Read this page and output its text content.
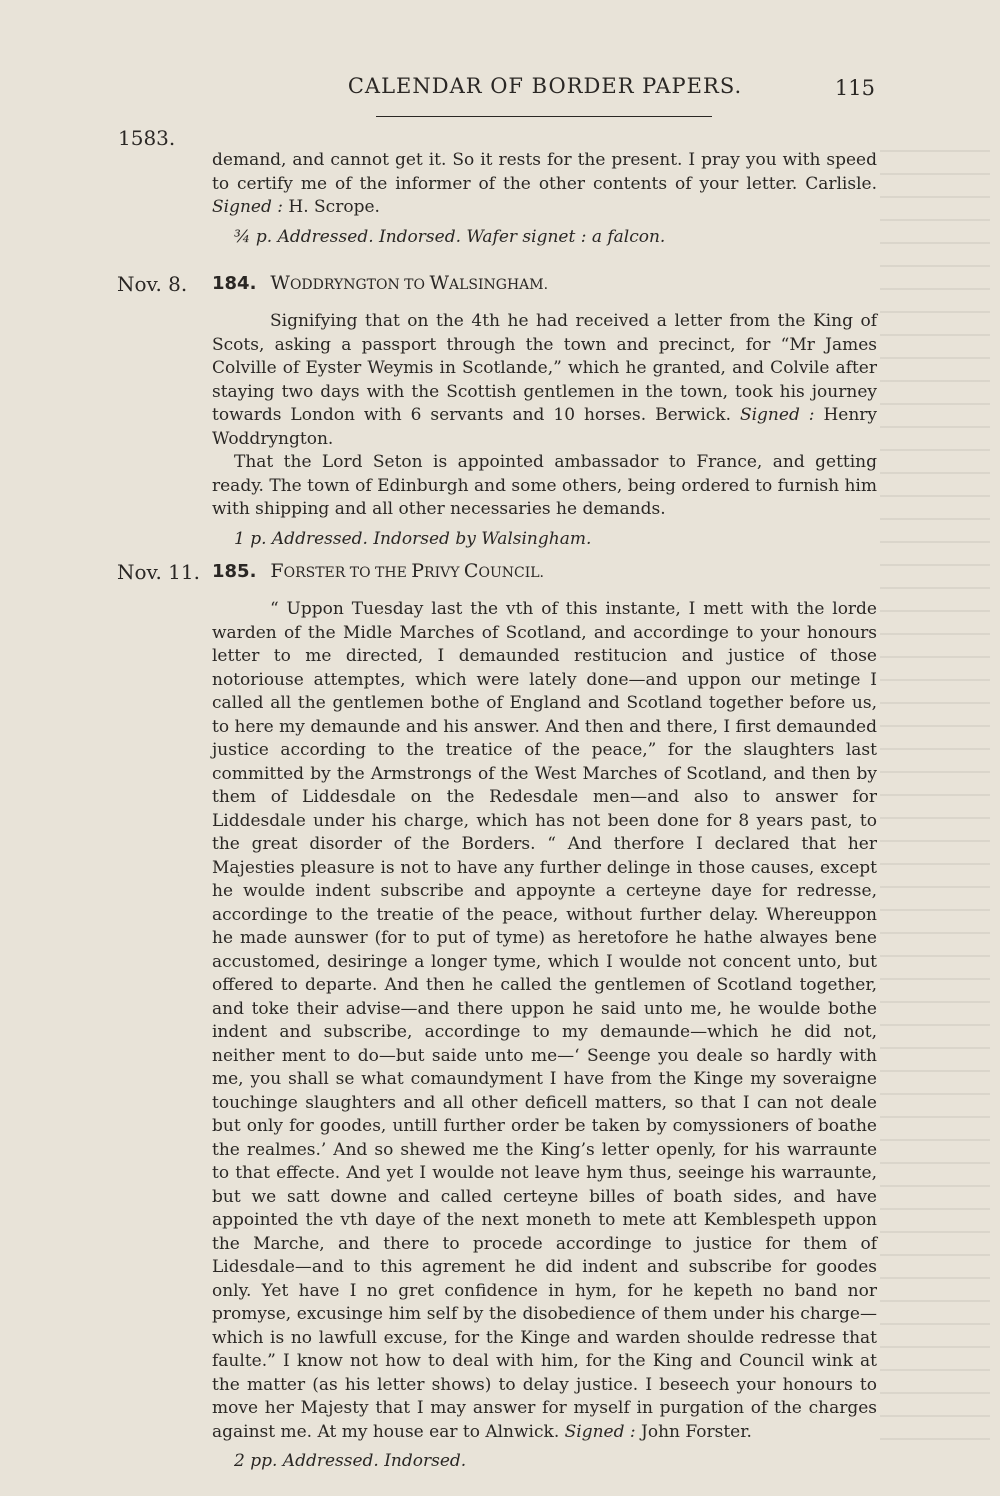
CALENDAR OF BORDER PAPERS.	115
1583.

demand, and cannot get it. So it rests for the present. I pray you with speed to certify me of the informer of the other contents of your letter. Carlisle. Signed : H. Scrope.

¾ p. Addressed. Indorsed. Wafer signet : a falcon.

Nov. 8. 184. WODDRYNGTON TO WALSINGHAM.

Signifying that on the 4th he had received a letter from the King of Scots, asking a passport through the town and precinct, for “Mr James Colville of Eyster Weymis in Scotlande,” which he granted, and Colvile after staying two days with the Scottish gentlemen in the town, took his journey towards London with 6 servants and 10 horses. Berwick. Signed : Henry Woddryngton.

That the Lord Seton is appointed ambassador to France, and getting ready. The town of Edinburgh and some others, being ordered to furnish him with shipping and all other necessaries he demands.

1 p. Addressed. Indorsed by Walsingham.

Nov. 11. 185. FORSTER TO THE PRIVY COUNCIL.

“ Uppon Tuesday last the vth of this instante, I mett with the lorde warden of the Midle Marches of Scotland, and accordinge to your honours letter to me directed, I demaunded restitucion and justice of those notoriouse attemptes, which were lately done—and uppon our metinge I called all the gentlemen bothe of England and Scotland together before us, to here my demaunde and his answer. And then and there, I first demaunded justice according to the treatice of the peace,” for the slaughters last committed by the Armstrongs of the West Marches of Scotland, and then by them of Liddesdale on the Redesdale men—and also to answer for Liddesdale under his charge, which has not been done for 8 years past, to the great disorder of the Borders. “ And therfore I declared that her Majesties pleasure is not to have any further delinge in those causes, except he woulde indent subscribe and appoynte a certeyne daye for redresse, accordinge to the treatie of the peace, without further delay. Whereuppon he made aunswer (for to put of tyme) as heretofore he hathe alwayes bene accustomed, desiringe a longer tyme, which I woulde not concent unto, but offered to departe. And then he called the gentlemen of Scotland together, and toke their advise—and there uppon he said unto me, he woulde bothe indent and subscribe, accordinge to my demaunde—which he did not, neither ment to do—but saide unto me—‘ Seenge you deale so hardly with me, you shall se what comaundyment I have from the Kinge my soveraigne touchinge slaughters and all other deficell matters, so that I can not deale but only for goodes, untill further order be taken by comyssioners of boathe the realmes.’ And so shewed me the King’s letter openly, for his warraunte to that effecte. And yet I woulde not leave hym thus, seeinge his warraunte, but we satt downe and called certeyne billes of boath sides, and have appointed the vth daye of the next moneth to mete att Kemblespeth uppon the Marche, and there to procede accordinge to justice for them of Lidesdale—and to this agrement he did indent and subscribe for goodes only. Yet have I no gret confidence in hym, for he kepeth no band nor promyse, excusinge him self by the disobedience of them under his charge—which is no lawfull excuse, for the Kinge and warden shoulde redresse that faulte.” I know not how to deal with him, for the King and Council wink at the matter (as his letter shows) to delay justice. I beseech your honours to move her Majesty that I may answer for myself in purgation of the charges against me. At my house ear to Alnwick. Signed : John Forster.

2 pp. Addressed. Indorsed.
